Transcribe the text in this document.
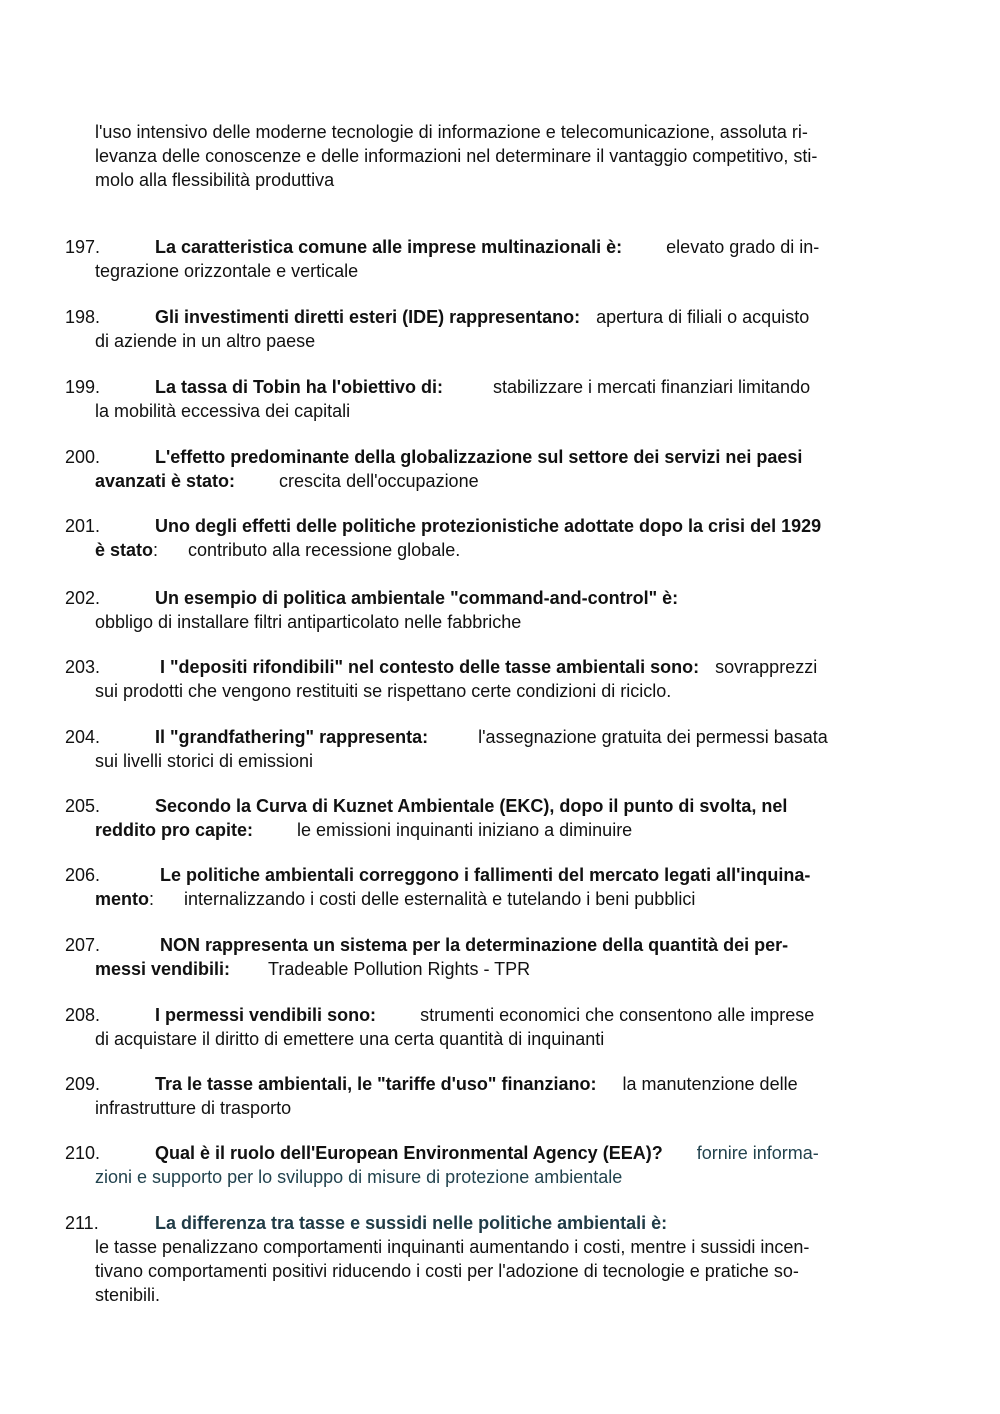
l'uso intensivo delle moderne tecnologie di informazione e telecomunicazione, assoluta ri-
levanza delle conoscenze e delle informazioni nel determinare il vantaggio competitivo, sti-
molo alla flessibilità produttiva
197.	La caratteristica comune alle imprese multinazionali è: elevato grado di in-
tegrazione orizzontale e verticale
198.	Gli investimenti diretti esteri (IDE) rappresentano: apertura di filiali o acquisto
di aziende in un altro paese
199.	La tassa di Tobin ha l'obiettivo di:	stabilizzare i mercati finanziari limitando
la mobilità eccessiva dei capitali
200.	L'effetto predominante della globalizzazione sul settore dei servizi nei paesi
avanzati è stato: crescita dell'occupazione
201.	Uno degli effetti delle politiche protezionistiche adottate dopo la crisi del 1929
è stato:      contributo alla recessione globale.
202.	Un esempio di politica ambientale "command-and-control" è:
obbligo di installare filtri antiparticolato nelle fabbriche
203.	I "depositi rifondibili" nel contesto delle tasse ambientali sono: sovrapprezzi
sui prodotti che vengono restituiti se rispettano certe condizioni di riciclo.
204.	Il "grandfathering" rappresenta:	l'assegnazione gratuita dei permessi basata
sui livelli storici di emissioni
205.	Secondo la Curva di Kuznet Ambientale (EKC), dopo il punto di svolta, nel
reddito pro capite: le emissioni inquinanti iniziano a diminuire
206.	Le politiche ambientali correggono i fallimenti del mercato legati all'inquina-
mento:      internalizzando i costi delle esternalità e tutelando i beni pubblici
207.	NON rappresenta un sistema per la determinazione della quantità dei per-
messi vendibili: Tradeable Pollution Rights - TPR
208.	I permessi vendibili sono: strumenti economici che consentono alle imprese
di acquistare il diritto di emettere una certa quantità di inquinanti
209.	Tra le tasse ambientali, le "tariffe d'uso" finanziano: la manutenzione delle
infrastrutture di trasporto
210.	Qual è il ruolo dell'European Environmental Agency (EEA)? fornire informa-
zioni e supporto per lo sviluppo di misure di protezione ambientale
211.	La differenza tra tasse e sussidi nelle politiche ambientali è:
le tasse penalizzano comportamenti inquinanti aumentando i costi, mentre i sussidi incen-
tivano comportamenti positivi riducendo i costi per l'adozione di tecnologie e pratiche so-
stenibili.
